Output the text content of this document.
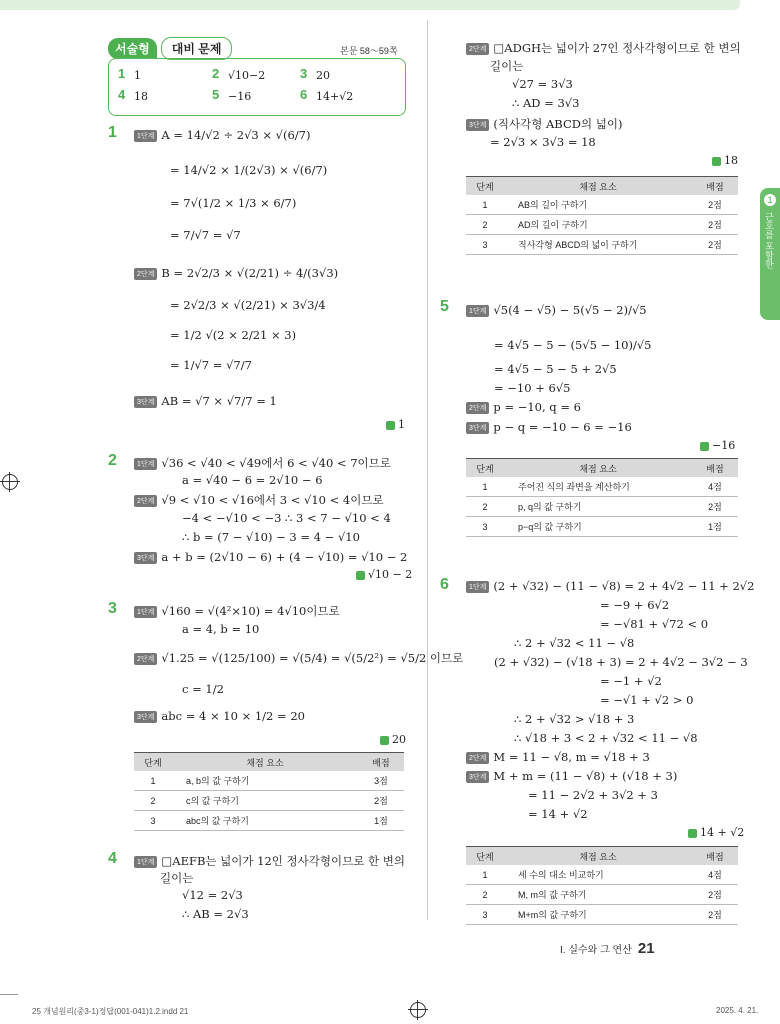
서술형	대비 문제	본문 58～59쪽
1 1	2 √10−2	3 20
4 18	5 −16	6 14+√2
1	1단계 A = 14/√2 ÷ 2√3 × √(6/7)
= 14/√2 × 1/(2√3) × √(6/7)
= 7√(1/2 × 1/3 × 6/7)
= 7/√7 = √7
2단계 B = 2√2/3 × √(2/21) ÷ 4/(3√3)
= 2√2/3 × √(2/21) × 3√3/4
= 1/2 √(2 × 2/21 × 3)
= 1/√7 = √7/7
3단계 AB = √7 × √7/7 = 1
1
2	1단계 √36 < √40 < √49에서 6 < √40 < 7이므로
a = √40 − 6 = 2√10 − 6
2단계 √9 < √10 < √16에서 3 < √10 < 4이므로
−4 < −√10 < −3 ∴ 3 < 7 − √10 < 4
∴ b = (7 − √10) − 3 = 4 − √10
3단계 a + b = (2√10 − 6) + (4 − √10) = √10 − 2
√10 − 2
3	1단계 √160 = √(4²×10) = 4√10이므로
a = 4, b = 10
2단계 √1.25 = √(125/100) = √(5/4) = √(5/2²) = √5/2 이므로
c = 1/2
3단계 abc = 4 × 10 × 1/2 = 20
20
단계	채점 요소	배점
1	a, b의 값 구하기	3점
2	c의 값 구하기	2점
3	abc의 값 구하기	1점
4	1단계 □AEFB는 넓이가 12인 정사각형이므로 한 변의
길이는
√12 = 2√3
∴ AB = 2√3
2단계 □ADGH는 넓이가 27인 정사각형이므로 한 변의
길이는
√27 = 3√3
∴ AD = 3√3
3단계 (직사각형 ABCD의 넓이)
= 2√3 × 3√3 = 18
18
단계	채점 요소	배점
1	AB의 길이 구하기	2점
2	AD의 길이 구하기	2점
3	직사각형 ABCD의 넓이 구하기	2점
5	1단계 √5(4 − √5) − 5(√5 − 2)/√5
= 4√5 − 5 − (5√5 − 10)/√5
= 4√5 − 5 − 5 + 2√5
= −10 + 6√5
2단계 p = −10, q = 6
3단계 p − q = −10 − 6 = −16
−16
단계	채점 요소	배점
1	주어진 식의 좌변을 계산하기	4점
2	p, q의 값 구하기	2점
3	p−q의 값 구하기	1점
6	1단계 (2 + √32) − (11 − √8) = 2 + 4√2 − 11 + 2√2
= −9 + 6√2
= −√81 + √72 < 0
∴ 2 + √32 < 11 − √8
(2 + √32) − (√18 + 3) = 2 + 4√2 − 3√2 − 3
= −1 + √2
= −√1 + √2 > 0
∴ 2 + √32 > √18 + 3
∴ √18 + 3 < 2 + √32 < 11 − √8
2단계 M = 11 − √8, m = √18 + 3
3단계 M + m = (11 − √8) + (√18 + 3)
= 11 − 2√2 + 3√2 + 3
= 14 + √2
14 + √2
단계	채점 요소	배점
1	세 수의 대소 비교하기	4점
2	M, m의 값 구하기	2점
3	M+m의 값 구하기	2점
1
근호를 포함한
I. 실수와 그 연산 21
25 개념원리(중3-1)정답(001-041)1.2.indd 21	2025. 4. 21.
